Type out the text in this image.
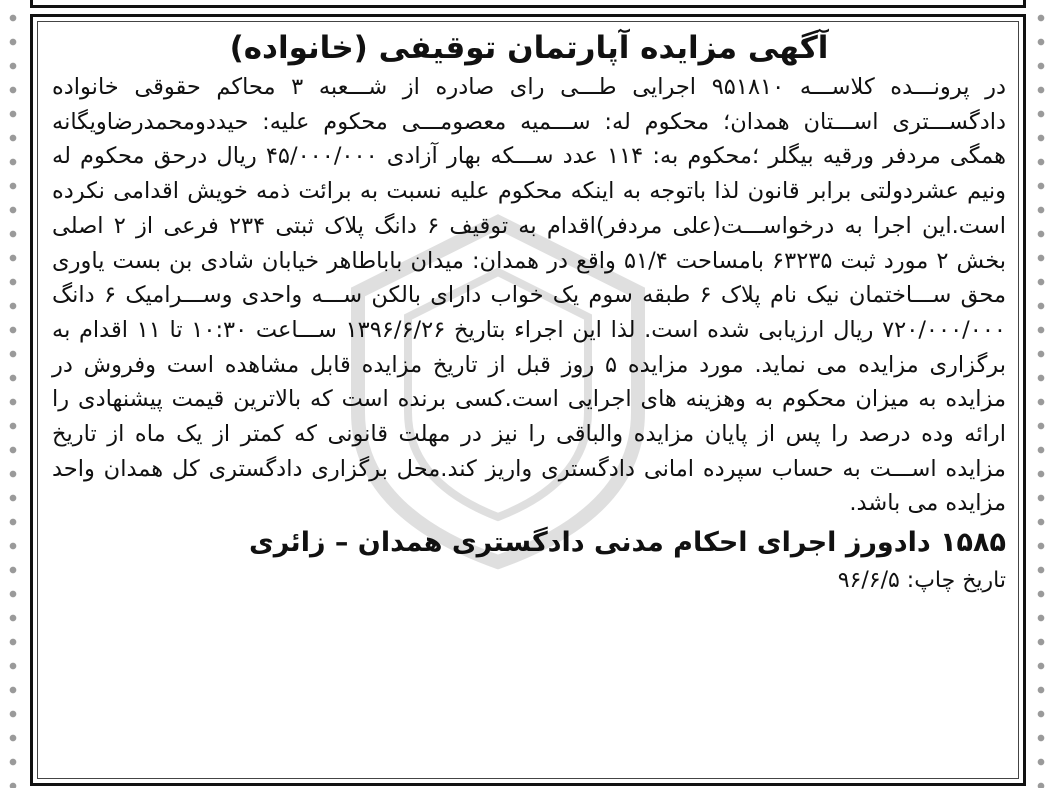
آگهی مزایده آپارتمان توقیفی (خانواده)

در پرونـــده کلاســـه ۹۵۱۸۱۰ اجرایی طـــی رای صادره از شـــعبه ۳ محاکم حقوقی خانواده دادگســـتری اســـتان همدان؛ محکوم له: ســـمیه معصومـــی محکوم علیه: حیددومحمدرضاویگانه همگی مردفر ورقیه بیگلر ؛محکوم به: ۱۱۴ عدد ســـکه بهار آزادی ۴۵/۰۰۰/۰۰۰ ریال درحق محکوم له ونیم عشردولتی برابر قانون لذا باتوجه به اینکه محکوم علیه نسبت به برائت ذمه خویش اقدامی نکرده است.این اجرا به درخواســـت(علی مردفر)اقدام به توقیف ۶ دانگ پلاک ثبتی ۲۳۴ فرعی از ۲ اصلی بخش ۲ مورد ثبت ۶۳۲۳۵ بامساحت ۵۱/۴ واقع در همدان: میدان باباطاهر خیابان شادی بن بست یاوری محق ســـاختمان نیک نام پلاک ۶ طبقه سوم یک خواب دارای بالکن ســـه واحدی وســـرامیک ۶ دانگ ۷۲۰/۰۰۰/۰۰۰ ریال ارزیابی شده است. لذا این اجراء بتاریخ ۱۳۹۶/۶/۲۶ ســـاعت ۱۰:۳۰ تا ۱۱ اقدام به برگزاری مزایده می نماید. مورد مزایده ۵ روز قبل از تاریخ مزایده قابل مشاهده است وفروش در مزایده به میزان محکوم به وهزینه های اجرایی است.کسی برنده است که بالاترین قیمت پیشنهادی را ارائه وده درصد را پس از پایان مزایده والباقی را نیز در مهلت قانونی که کمتر از یک ماه از تاریخ مزایده اســـت به حساب سپرده امانی دادگستری واریز کند.محل برگزاری دادگستری کل همدان واحد مزایده می باشد.

۱۵۸۵ دادورز اجرای احکام مدنی دادگستری همدان – زائری
تاریخ چاپ: ۹۶/۶/۵
